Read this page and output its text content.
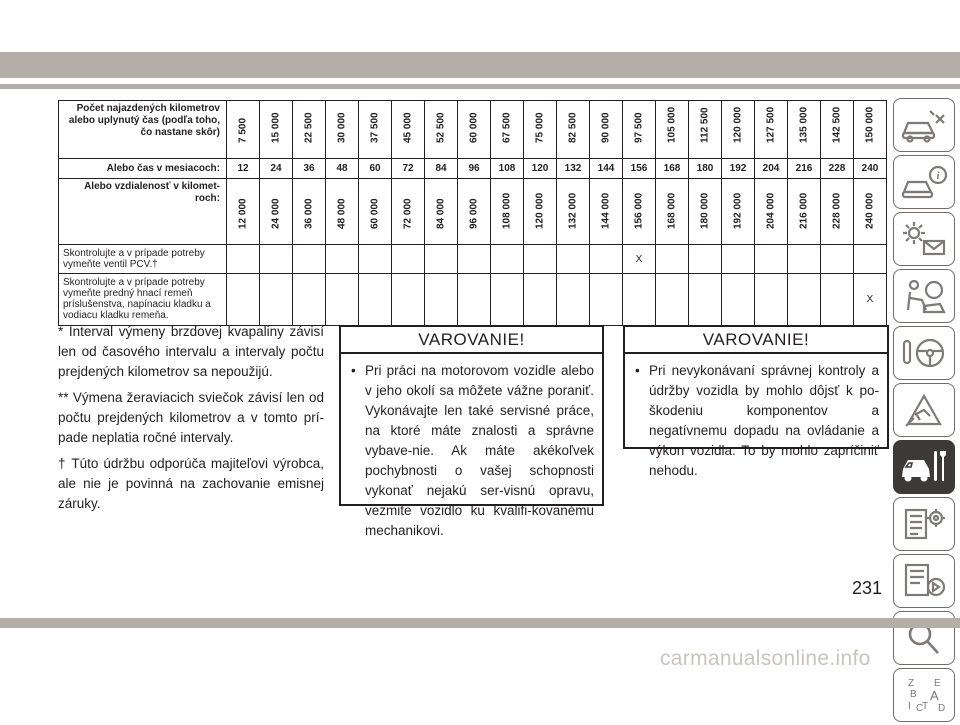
Počet najazdených kilometrov alebo uplynutý čas (podľa toho, čo nastane skôr)	7 500	15 000	22 500	30 000	37 500	45 000	52 500	60 000	67 500	75 000	82 500	90 000	97 500	105 000	112 500	120 000	127 500	135 000	142 500	150 000

Alebo čas v mesiacoch:	12	24	36	48	60	72	84	96	108	120	132	144	156	168	180	192	204	216	228	240
Alebo vzdialenosť v kilomet-roch:	12 000	24 000	36 000	48 000	60 000	72 000	84 000	96 000	108 000	120 000	132 000	144 000	156 000	168 000	180 000	192 000	204 000	216 000	228 000	240 000

Skontrolujte a v prípade potreby vymeňte ventil PCV.†													X							
Skontrolujte a v prípade potreby vymeňte predný hnací remeň príslušenstva, napínaciu kladku a vodiacu kladku remeňa.																				X

* Interval výmeny brzdovej kvapaliny závisí len od časového intervalu a intervaly počtu prejdených kilometrov sa nepoužijú.

** Výmena žeraviacich sviečok závisí len od počtu prejdených kilometrov a v tomto prí-pade neplatia ročné intervaly.

† Túto údržbu odporúča majiteľovi výrobca, ale nie je povinná na zachovanie emisnej záruky.

VAROVANIE!
• Pri práci na motorovom vozidle alebo v jeho okolí sa môžete vážne poraniť. Vykonávajte len také servisné práce, na ktoré máte znalosti a správne vybave-nie. Ak máte akékoľvek pochybnosti o vašej schopnosti vykonať nejakú ser-visnú opravu, vezmite vozidlo ku kvalifi-kovanému mechanikovi.
VAROVANIE!
• Pri nevykonávaní správnej kontroly a údržby vozidla by mohlo dôjsť k po-škodeniu komponentov a negatívnemu dopadu na ovládanie a výkon vozidla. To by mohlo zapríčiniť nehodu.
i
Z E
B A
I C
T D
231
carmanualsonline.info
